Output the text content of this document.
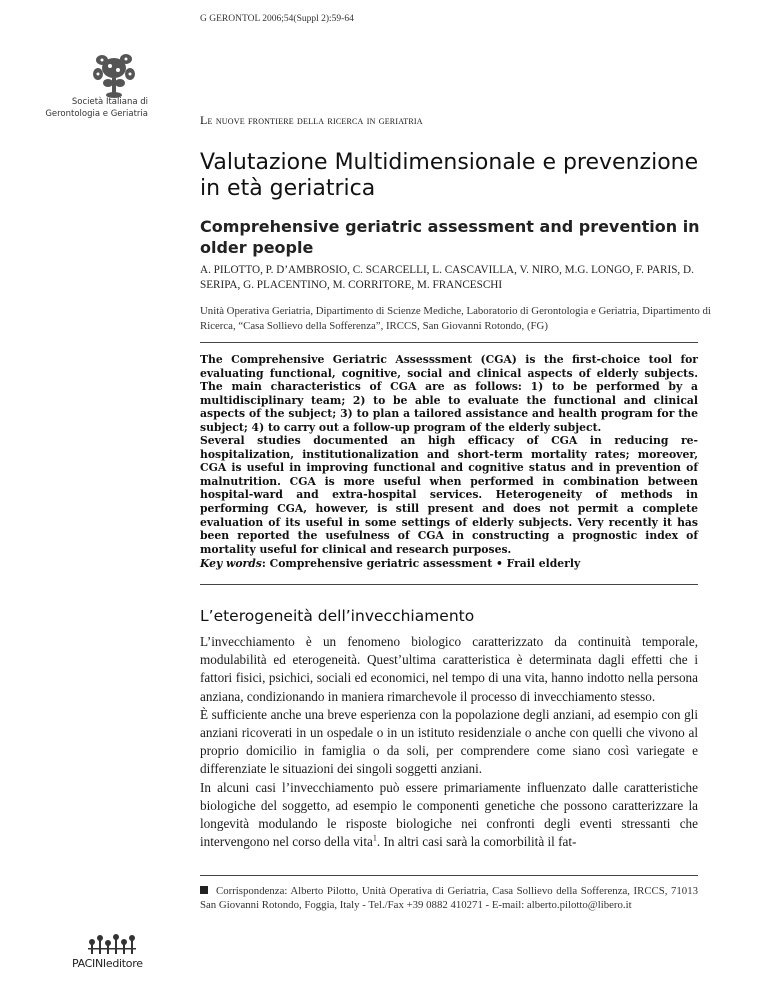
G GERONTOL 2006;54(Suppl 2):59-64
Società Italiana di Gerontologia e Geriatria	Le nuove frontiere della ricerca in geriatria
Valutazione Multidimensionale e prevenzione in età geriatrica
Comprehensive geriatric assessment and prevention in older people
A. PILOTTO, P. D’AMBROSIO, C. SCARCELLI, L. CASCAVILLA, V. NIRO, M.G. LONGO, F. PARIS, D. SERIPA, G. PLACENTINO, M. CORRITORE, M. FRANCESCHI
Unità Operativa Geriatria, Dipartimento di Scienze Mediche, Laboratorio di Gerontologia e Geriatria, Dipartimento di Ricerca, “Casa Sollievo della Sofferenza”, IRCCS, San Giovanni Rotondo, (FG)

The Comprehensive Geriatric Assesssment (CGA) is the first-choice tool for evaluating functional, cognitive, social and clinical aspects of elderly subjects. The main characteristics of CGA are as follows: 1) to be performed by a multidisciplinary team; 2) to be able to evaluate the functional and clinical aspects of the subject; 3) to plan a tailored assistance and health program for the subject; 4) to carry out a follow-up program of the elderly subject.

Several studies documented an high efficacy of CGA in reducing re-hospitalization, institutionalization and short-term mortality rates; moreover, CGA is useful in improving functional and cognitive status and in prevention of malnutrition. CGA is more useful when performed in combination between hospital-ward and extra-hospital services. Heterogeneity of methods in performing CGA, however, is still present and does not permit a complete evaluation of its useful in some settings of elderly subjects. Very recently it has been reported the usefulness of CGA in constructing a prognostic index of mortality useful for clinical and research purposes.

Key words: Comprehensive geriatric assessment • Frail elderly
L’eterogeneità dell’invecchiamento

L’invecchiamento è un fenomeno biologico caratterizzato da continuità temporale, modulabilità ed eterogeneità. Quest’ultima caratteristica è determinata dagli effetti che i fattori fisici, psichici, sociali ed economici, nel tempo di una vita, hanno indotto nella persona anziana, condizionando in maniera rimarchevole il processo di invecchiamento stesso.

È sufficiente anche una breve esperienza con la popolazione degli anziani, ad esempio con gli anziani ricoverati in un ospedale o in un istituto residenziale o anche con quelli che vivono al proprio domicilio in famiglia o da soli, per comprendere come siano così variegate e differenziate le situazioni dei singoli soggetti anziani.

In alcuni casi l’invecchiamento può essere primariamente influenzato dalle caratteristiche biologiche del soggetto, ad esempio le componenti genetiche che possono caratterizzare la longevità modulando le risposte biologiche nei confronti degli eventi stressanti che intervengono nel corso della vita$^1$. In altri casi sarà la comorbilità il fat-

Corrispondenza: Alberto Pilotto, Unità Operativa di Geriatria, Casa Sollievo della Sofferenza, IRCCS, 71013 San Giovanni Rotondo, Foggia, Italy - Tel./Fax +39 0882 410271 - E-mail: alberto.pilotto@libero.it
PACINIeditore
